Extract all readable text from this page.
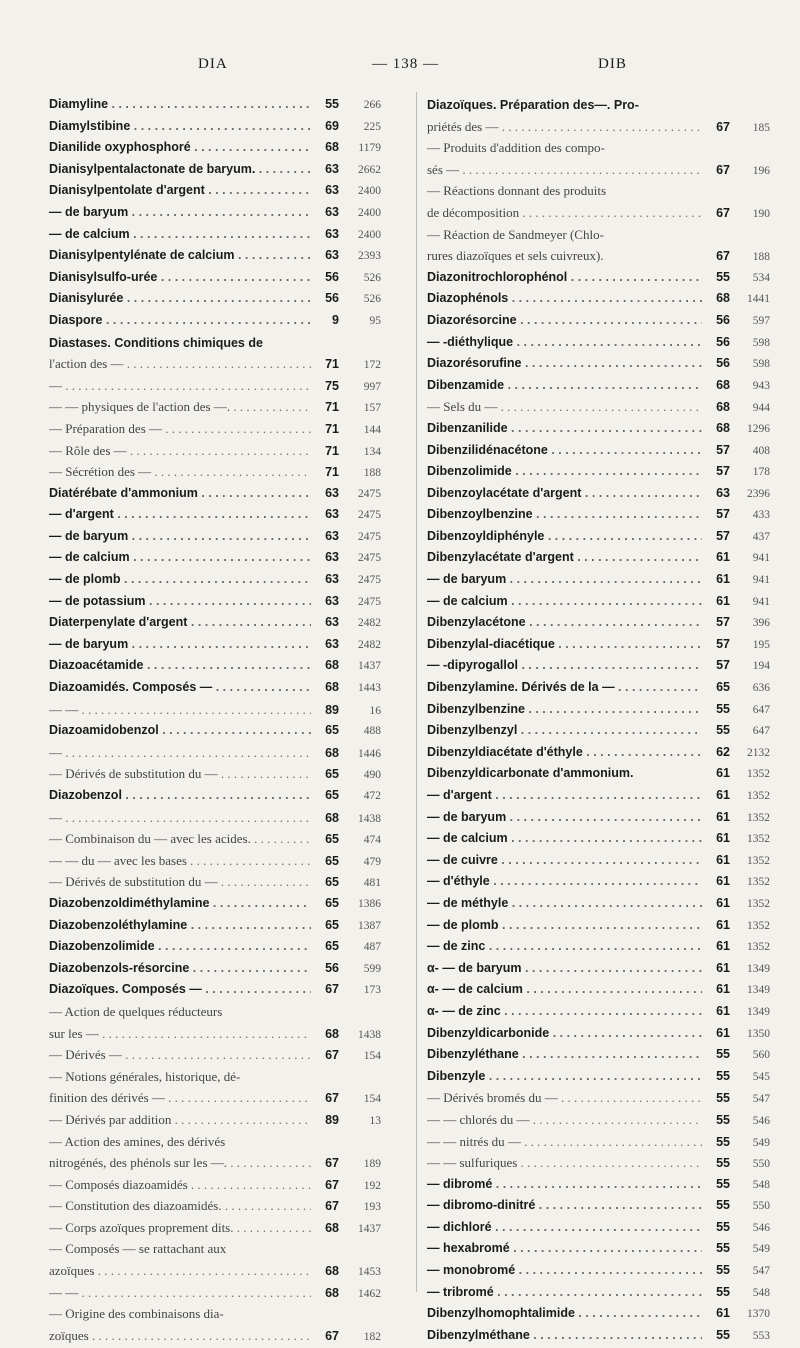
DIA	— 138 —	DIB
Diamyline . . .	55	266
Diamylstibine . . .	69	225
Dianilide oxyphosphoré . . .	68	1179
Dianisylpentalactonate de baryum. . . .	63	2662
Dianisylpentolate d'argent . . .	63	2400
— de baryum . . .	63	2400
— de calcium . . .	63	2400
Dianisylpentylénate de calcium . . .	63	2393
Dianisylsulfo-urée . . .	56	526
Dianisylurée . . .	56	526
Diaspore . . .	9	95
Diastases. Conditions chimiques de
l'action des — . . .	71	172
— . . .	75	997
— — physiques de l'action des —. . . .	71	157
— Préparation des — . . .	71	144
— Rôle des — . . .	71	134
— Sécrétion des — . . .	71	188
Diatérébate d'ammonium . . .	63	2475
— d'argent . . .	63	2475
— de baryum . . .	63	2475
— de calcium . . .	63	2475
— de plomb . . .	63	2475
— de potassium . . .	63	2475
Diaterpenylate d'argent . . .	63	2482
— de baryum . . .	63	2482
Diazoacétamide . . .	68	1437
Diazoamidés. Composés — . . .	68	1443
— — . . .	89	16
Diazoamidobenzol . . .	65	488
— . . .	68	1446
— Dérivés de substitution du — . . .	65	490
Diazobenzol . . .	65	472
— . . .	68	1438
— Combinaison du — avec les acides. . . .	65	474
— — du — avec les bases . . .	65	479
— Dérivés de substitution du — . . .	65	481
Diazobenzoldiméthylamine . . .	65	1386
Diazobenzoléthylamine . . .	65	1387
Diazobenzolimide . . .	65	487
Diazobenzols-résorcine . . .	56	599
Diazoïques. Composés — . . .	67	173
— Action de quelques réducteurs
sur les — . . .	68	1438
— Dérivés — . . .	67	154
— Notions générales, historique, dé-
finition des dérivés — . . .	67	154
— Dérivés par addition . . .	89	13
— Action des amines, des dérivés
nitrogénés, des phénols sur les —. . . .	67	189
— Composés diazoamidés . . .	67	192
— Constitution des diazoamidés. . . .	67	193
— Corps azoïques proprement dits. . . .	68	1437
— Composés — se rattachant aux
azoïques . . .	68	1453
— — . . .	68	1462
— Origine des combinaisons dia-
zoïques . . .	67	182
Diazoïques. Préparation des—. Pro-
priétés des — . . .	67	185
— Produits d'addition des compo-
sés — . . .	67	196
— Réactions donnant des produits
de décomposition . . .	67	190
— Réaction de Sandmeyer (Chlo-
rures diazoïques et sels cuivreux).	67	188
Diazonitrochlorophénol . . .	55	534
Diazophénols . . .	68	1441
Diazorésorcine . . .	56	597
— -diéthylique . . .	56	598
Diazorésorufine . . .	56	598
Dibenzamide . . .	68	943
— Sels du — . . .	68	944
Dibenzanilide . . .	68	1296
Dibenzilidénacétone . . .	57	408
Dibenzolimide . . .	57	178
Dibenzoylacétate d'argent . . .	63	2396
Dibenzoylbenzine . . .	57	433
Dibenzoyldiphényle . . .	57	437
Dibenzylacétate d'argent . . .	61	941
— de baryum . . .	61	941
— de calcium . . .	61	941
Dibenzylacétone . . .	57	396
Dibenzylal-diacétique . . .	57	195
— -dipyrogallol . . .	57	194
Dibenzylamine. Dérivés de la — . . .	65	636
Dibenzylbenzine . . .	55	647
Dibenzylbenzyl . . .	55	647
Dibenzyldiacétate d'éthyle . . .	62	2132
Dibenzyldicarbonate d'ammonium.	61	1352
— d'argent . . .	61	1352
— de baryum . . .	61	1352
— de calcium . . .	61	1352
— de cuivre . . .	61	1352
— d'éthyle . . .	61	1352
— de méthyle . . .	61	1352
— de plomb . . .	61	1352
— de zinc . . .	61	1352
α- — de baryum . . .	61	1349
α- — de calcium . . .	61	1349
α- — de zinc . . .	61	1349
Dibenzyldicarbonide . . .	61	1350
Dibenzyléthane . . .	55	560
Dibenzyle . . .	55	545
— Dérivés bromés du — . . .	55	547
— — chlorés du — . . .	55	546
— — nitrés du — . . .	55	549
— — sulfuriques . . .	55	550
— dibromé . . .	55	548
— dibromo-dinitré . . .	55	550
— dichloré . . .	55	546
— hexabromé . . .	55	549
— monobromé . . .	55	547
— tribromé . . .	55	548
Dibenzylhomophtalimide . . .	61	1370
Dibenzylméthane . . .	55	553
